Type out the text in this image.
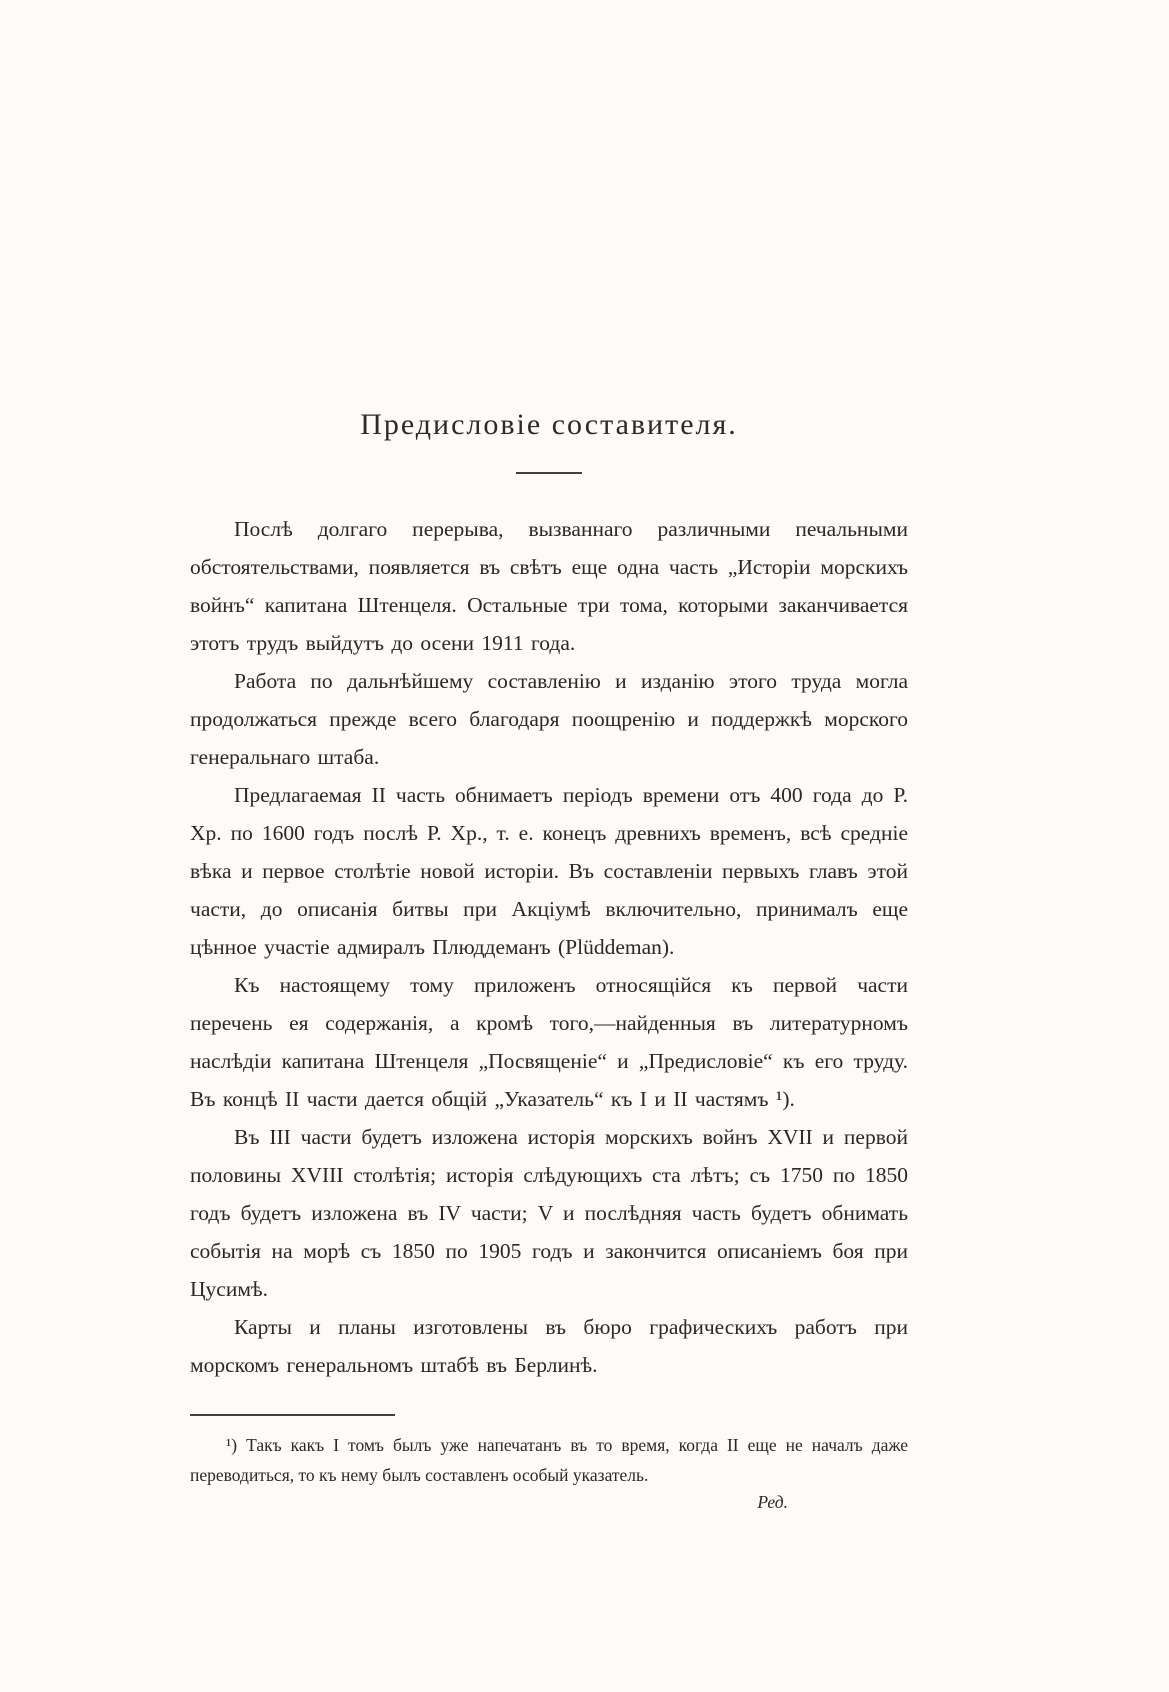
Предисловіе составителя.

Послѣ долгаго перерыва, вызваннаго различными печальными обстоятельствами, появляется въ свѣтъ еще одна часть „Исторіи морскихъ войнъ“ капитана Штенцеля. Остальные три тома, которыми заканчивается этотъ трудъ выйдутъ до осени 1911 года.

Работа по дальнѣйшему составленію и изданію этого труда могла продолжаться прежде всего благодаря поощренію и поддержкѣ морского генеральнаго штаба.

Предлагаемая II часть обнимаетъ періодъ времени отъ 400 года до Р. Хр. по 1600 годъ послѣ Р. Хр., т. е. конецъ древнихъ временъ, всѣ средніе вѣка и первое столѣтіе новой исторіи. Въ составленіи первыхъ главъ этой части, до описанія битвы при Акціумѣ включительно, принималъ еще цѣнное участіе адмиралъ Плюддеманъ (Plüddeman).

Къ настоящему тому приложенъ относящійся къ первой части перечень ея содержанія, а кромѣ того,—найденныя въ литературномъ наслѣдіи капитана Штенцеля „Посвященіе“ и „Предисловіе“ къ его труду. Въ концѣ II части дается общій „Указатель“ къ I и II частямъ ¹).

Въ III части будетъ изложена исторія морскихъ войнъ XVII и первой половины XVIII столѣтія; исторія слѣдующихъ ста лѣтъ; съ 1750 по 1850 годъ будетъ изложена въ IV части; V и послѣдняя часть будетъ обнимать событія на морѣ съ 1850 по 1905 годъ и закончится описаніемъ боя при Цусимѣ.

Карты и планы изготовлены въ бюро графическихъ работъ при морскомъ генеральномъ штабѣ въ Берлинѣ.

¹) Такъ какъ I томъ былъ уже напечатанъ въ то время, когда II еще не началъ даже переводиться, то къ нему былъ составленъ особый указатель.

Ред.
